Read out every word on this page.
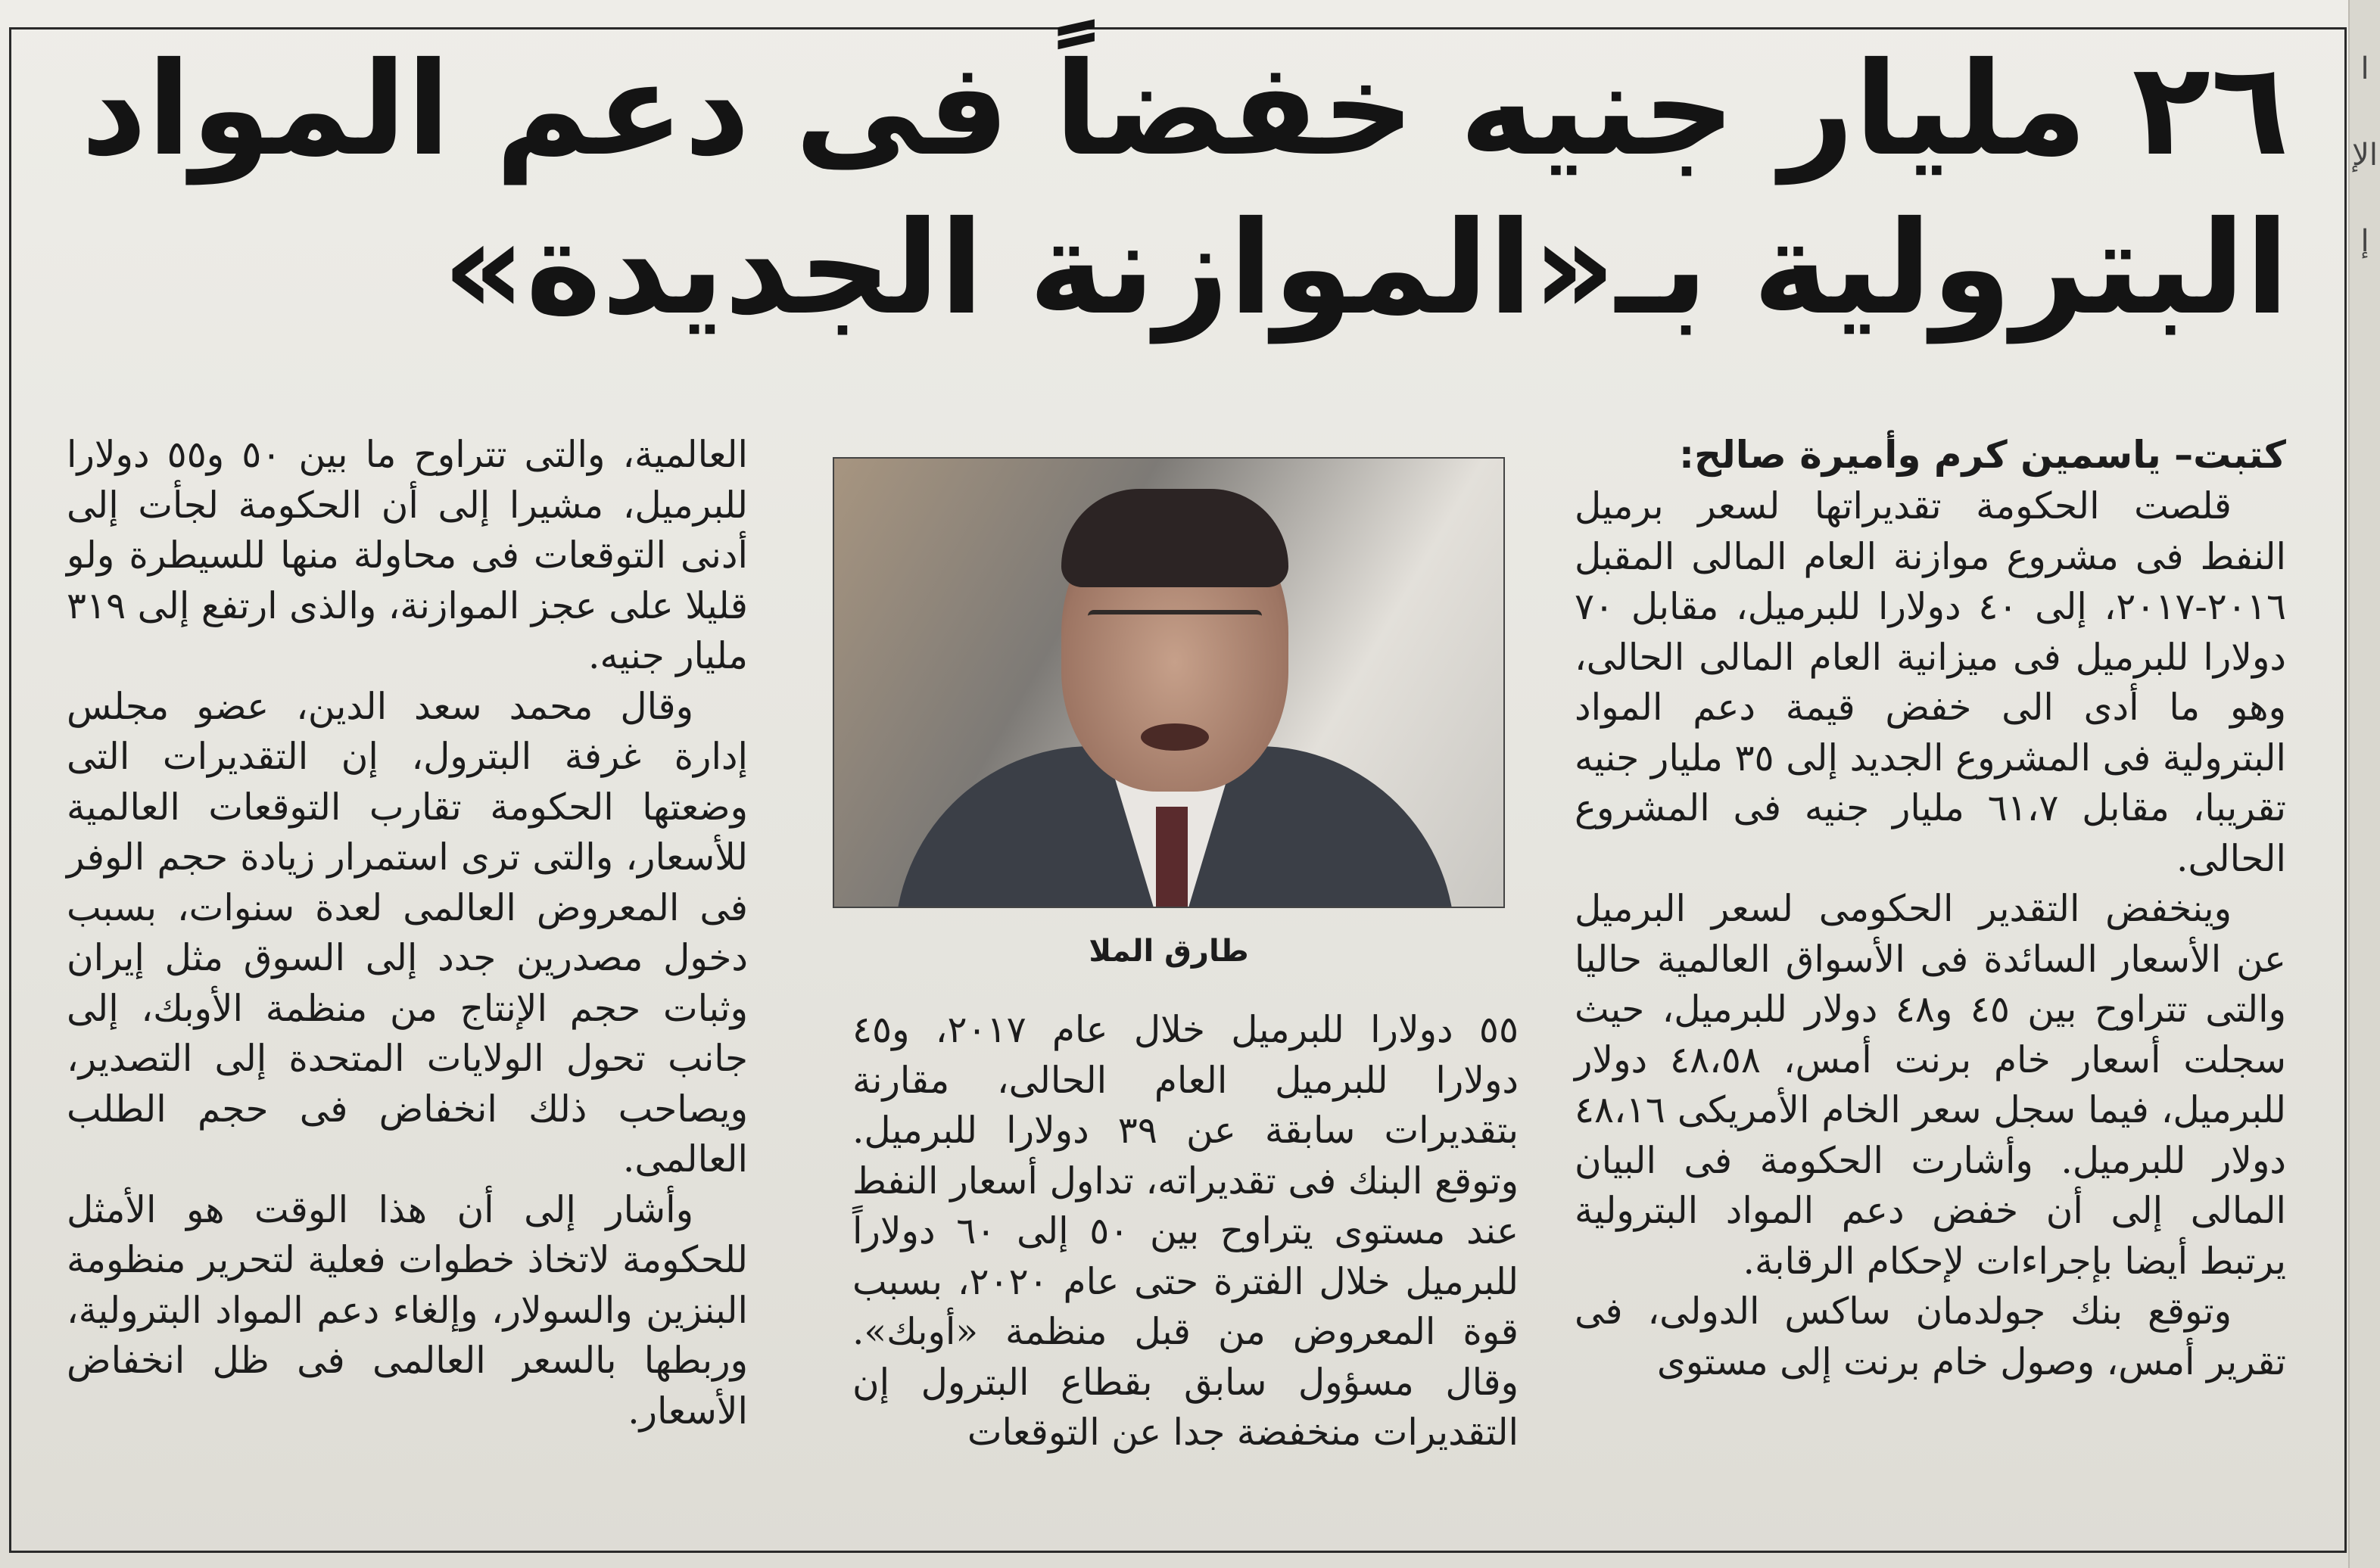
ا
الإ
إ
٢٦ مليار جنيه خفضاً فى دعم المواد
البترولية بـ«الموازنة الجديدة»
كتبت– ياسمين كرم وأميرة صالح:

قلصت الحكومة تقديراتها لسعر برميل النفط فى مشروع موازنة العام المالى المقبل ٢٠١٦-٢٠١٧، إلى ٤٠ دولارا للبرميل، مقابل ٧٠ دولارا للبرميل فى ميزانية العام المالى الحالى، وهو ما أدى الى خفض قيمة دعم المواد البترولية فى المشروع الجديد إلى ٣٥ مليار جنيه تقريبا، مقابل ٦١،٧ مليار جنيه فى المشروع الحالى.

وينخفض التقدير الحكومى لسعر البرميل عن الأسعار السائدة فى الأسواق العالمية حاليا والتى تتراوح بين ٤٥ و٤٨ دولار للبرميل، حيث سجلت أسعار خام برنت أمس، ٤٨،٥٨ دولار للبرميل، فيما سجل سعر الخام الأمريكى ٤٨،١٦ دولار للبرميل. وأشارت الحكومة فى البيان المالى إلى أن خفض دعم المواد البترولية يرتبط أيضا بإجراءات لإحكام الرقابة.

وتوقع بنك جولدمان ساكس الدولى، فى تقرير أمس، وصول خام برنت إلى مستوى

طارق الملا

٥٥ دولارا للبرميل خلال عام ٢٠١٧، و٤٥ دولارا للبرميل العام الحالى، مقارنة بتقديرات سابقة عن ٣٩ دولارا للبرميل. وتوقع البنك فى تقديراته، تداول أسعار النفط عند مستوى يتراوح بين ٥٠ إلى ٦٠ دولاراً للبرميل خلال الفترة حتى عام ٢٠٢٠، بسبب قوة المعروض من قبل منظمة «أوبك». وقال مسؤول سابق بقطاع البترول إن التقديرات منخفضة جدا عن التوقعات

العالمية، والتى تتراوح ما بين ٥٠ و٥٥ دولارا للبرميل، مشيرا إلى أن الحكومة لجأت إلى أدنى التوقعات فى محاولة منها للسيطرة ولو قليلا على عجز الموازنة، والذى ارتفع إلى ٣١٩ مليار جنيه.

وقال محمد سعد الدين، عضو مجلس إدارة غرفة البترول، إن التقديرات التى وضعتها الحكومة تقارب التوقعات العالمية للأسعار، والتى ترى استمرار زيادة حجم الوفر فى المعروض العالمى لعدة سنوات، بسبب دخول مصدرين جدد إلى السوق مثل إيران وثبات حجم الإنتاج من منظمة الأوبك، إلى جانب تحول الولايات المتحدة إلى التصدير، ويصاحب ذلك انخفاض فى حجم الطلب العالمى.

وأشار إلى أن هذا الوقت هو الأمثل للحكومة لاتخاذ خطوات فعلية لتحرير منظومة البنزين والسولار، وإلغاء دعم المواد البترولية، وربطها بالسعر العالمى فى ظل انخفاض الأسعار.
